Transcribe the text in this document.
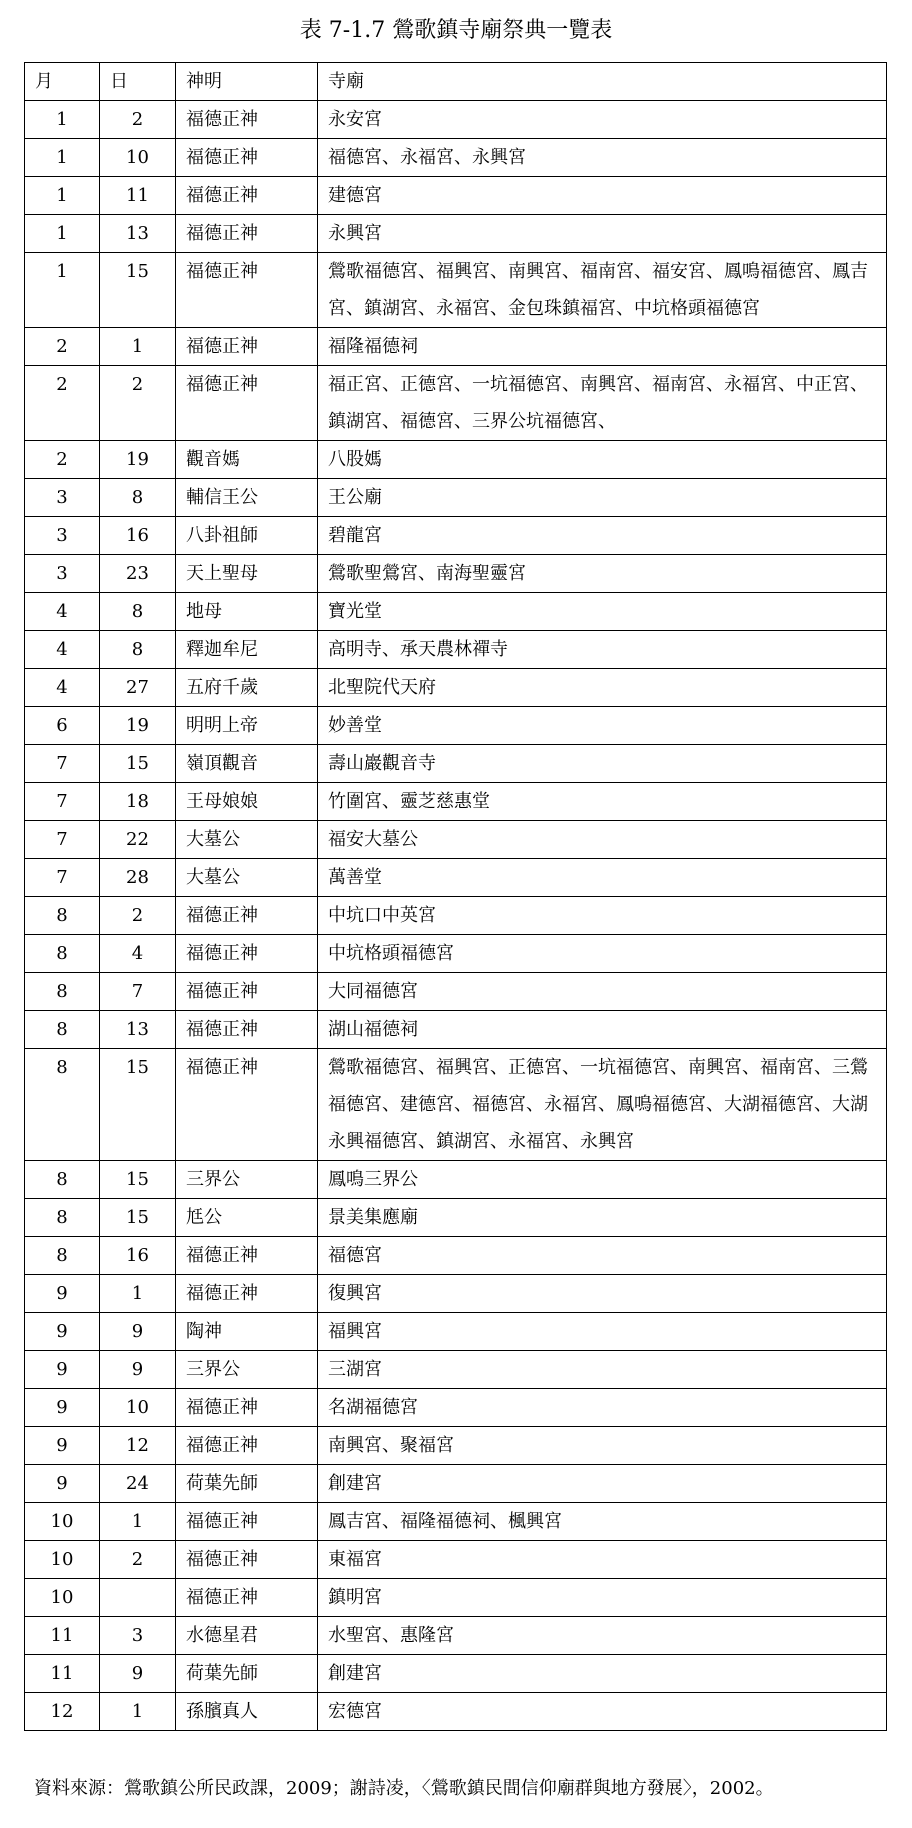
表 7-1.7 鶯歌鎮寺廟祭典一覽表
月	日	神明	寺廟
1	2	福德正神	永安宮
1	10	福德正神	福德宮、永福宮、永興宮
1	11	福德正神	建德宮
1	13	福德正神	永興宮
1	15	福德正神	鶯歌福德宮、福興宮、南興宮、福南宮、福安宮、鳳鳴福德宮、鳳吉宮、鎮湖宮、永福宮、金包珠鎮福宮、中坑格頭福德宮
2	1	福德正神	福隆福德祠
2	2	福德正神	福正宮、正德宮、一坑福德宮、南興宮、福南宮、永福宮、中正宮、鎮湖宮、福德宮、三界公坑福德宮、
2	19	觀音媽	八股媽
3	8	輔信王公	王公廟
3	16	八卦祖師	碧龍宮
3	23	天上聖母	鶯歌聖鶯宮、南海聖靈宮
4	8	地母	寶光堂
4	8	釋迦牟尼	高明寺、承天農林禪寺
4	27	五府千歲	北聖院代天府
6	19	明明上帝	妙善堂
7	15	嶺頂觀音	壽山巖觀音寺
7	18	王母娘娘	竹圍宮、靈芝慈惠堂
7	22	大墓公	福安大墓公
7	28	大墓公	萬善堂
8	2	福德正神	中坑口中英宮
8	4	福德正神	中坑格頭福德宮
8	7	福德正神	大同福德宮
8	13	福德正神	湖山福德祠
8	15	福德正神	鶯歌福德宮、福興宮、正德宮、一坑福德宮、南興宮、福南宮、三鶯福德宮、建德宮、福德宮、永福宮、鳳鳴福德宮、大湖福德宮、大湖永興福德宮、鎮湖宮、永福宮、永興宮
8	15	三界公	鳳鳴三界公
8	15	尪公	景美集應廟
8	16	福德正神	福德宮
9	1	福德正神	復興宮
9	9	陶神	福興宮
9	9	三界公	三湖宮
9	10	福德正神	名湖福德宮
9	12	福德正神	南興宮、聚福宮
9	24	荷葉先師	創建宮
10	1	福德正神	鳳吉宮、福隆福德祠、楓興宮
10	2	福德正神	東福宮
10		福德正神	鎮明宮
11	3	水德星君	水聖宮、惠隆宮
11	9	荷葉先師	創建宮
12	1	孫臏真人	宏德宮
資料來源：鶯歌鎮公所民政課，2009；謝詩凌，〈鶯歌鎮民間信仰廟群與地方發展〉，2002。
